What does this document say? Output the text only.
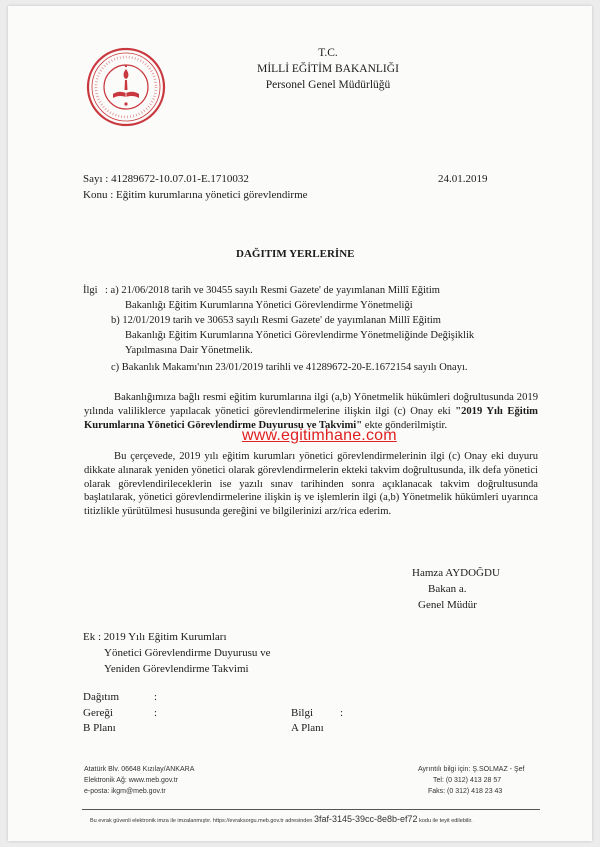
T.C.
MİLLİ EĞİTİM BAKANLIĞI
Personel Genel Müdürlüğü
Sayı : 41289672-10.07.01-E.1710032	24.01.2019
Konu : Eğitim kurumlarına yönetici görevlendirme
DAĞITIM YERLERİNE
İlgi : a) 21/06/2018 tarih ve 30455 sayılı Resmi Gazete' de yayımlanan Millî Eğitim
Bakanlığı Eğitim Kurumlarına Yönetici Görevlendirme Yönetmeliği
b) 12/01/2019 tarih ve 30653 sayılı Resmi Gazete' de yayımlanan Millî Eğitim
Bakanlığı Eğitim Kurumlarına Yönetici Görevlendirme Yönetmeliğinde Değişiklik
Yapılmasına Dair Yönetmelik.
c) Bakanlık Makamı'nın 23/01/2019 tarihli ve 41289672-20-E.1672154 sayılı Onayı.
Bakanlığımıza bağlı resmi eğitim kurumlarına ilgi (a,b) Yönetmelik hükümleri doğrultusunda 2019 yılında valiliklerce yapılacak yönetici görevlendirmelerine ilişkin ilgi (c) Onay eki "2019 Yılı Eğitim Kurumlarına Yönetici Görevlendirme Duyurusu ve Takvimi" ekte gönderilmiştir.
Bu çerçevede, 2019 yılı eğitim kurumları yönetici görevlendirmelerinin ilgi (c) Onay eki duyuru dikkate alınarak yeniden yönetici olarak görevlendirmelerin ekteki takvim doğrultusunda, ilk defa yönetici olarak görevlendirileceklerin ise yazılı sınav tarihinden sonra açıklanacak takvim doğrultusunda başlatılarak, yönetici görevlendirmelerine ilişkin iş ve işlemlerin ilgi (a,b) Yönetmelik hükümleri uyarınca titizlikle yürütülmesi hususunda gereğini ve bilgilerinizi arz/rica ederim.
www.egitimhane.com
Hamza AYDOĞDU
Bakan a.
Genel Müdür
Ek : 2019 Yılı Eğitim Kurumları
Yönetici Görevlendirme Duyurusu ve
Yeniden Görevlendirme Takvimi
Dağıtım	:
Gereği	:	Bilgi :
B Planı	A Planı
Atatürk Blv. 06648 Kızılay/ANKARA
Elektronik Ağ: www.meb.gov.tr
e-posta: ikgm@meb.gov.tr
Ayrıntılı bilgi için: Ş.SOLMAZ - Şef
Tel: (0 312) 413 28 57
Faks: (0 312) 418 23 43
Bu evrak güvenli elektronik imza ile imzalanmıştır. https://evraksorgu.meb.gov.tr adresinden 3faf-3145-39cc-8e8b-ef72 kodu ile teyit edilebilir.
